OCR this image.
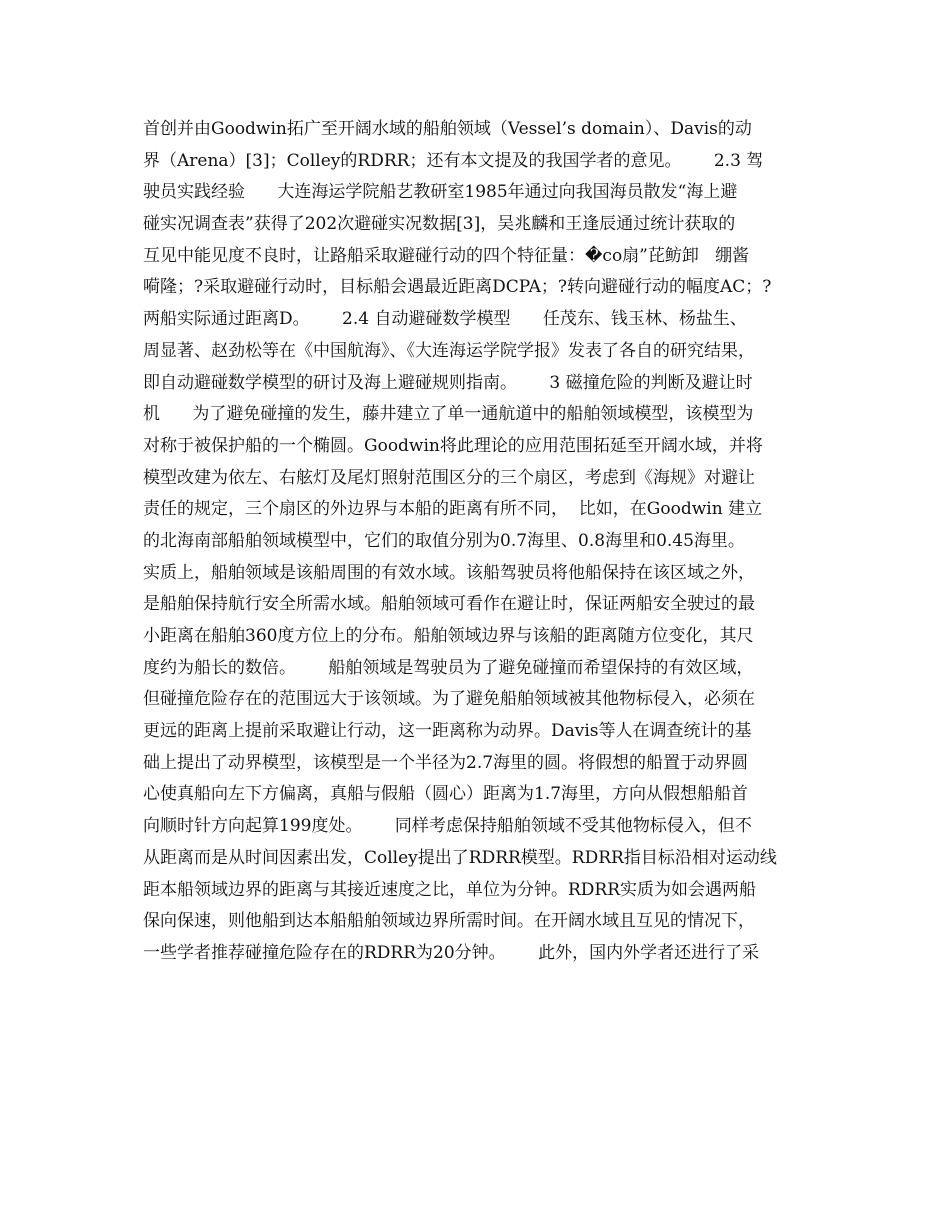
首创并由Goodwin拓广至开阔水域的船舶领域（Vessel’s domain）、Davis的动
界（Arena）[3]；Colley的RDRR；还有本文提及的我国学者的意见。      2.3 驾
驶员实践经验      大连海运学院船艺教研室1985年通过向我国海员散发“海上避
碰实况调查表”获得了202次避碰实况数据[3]，吴兆麟和王逢辰通过统计获取的
互见中能见度不良时，让路船采取避碰行动的四个特征量：�co扇”芘鲂卸   绷酱
嗬隆；?采取避碰行动时，目标船会遇最近距离DCPA；?转向避碰行动的幅度AC；?
两船实际通过距离D。      2.4 自动避碰数学模型      任茂东、钱玉林、杨盐生、
周显著、赵劲松等在《中国航海》、《大连海运学院学报》发表了各自的研究结果，
即自动避碰数学模型的研讨及海上避碰规则指南。      3 磁撞危险的判断及避让时
机      为了避免碰撞的发生，藤井建立了单一通航道中的船舶领域模型，该模型为
对称于被保护船的一个椭圆。Goodwin将此理论的应用范围拓延至开阔水域，并将
模型改建为依左、右舷灯及尾灯照射范围区分的三个扇区，考虑到《海规》对避让
责任的规定，三个扇区的外边界与本船的距离有所不同，  比如，在Goodwin 建立
的北海南部船舶领域模型中，它们的取值分别为0.7海里、0.8海里和0.45海里。
实质上，船舶领域是该船周围的有效水域。该船驾驶员将他船保持在该区域之外，
是船舶保持航行安全所需水域。船舶领域可看作在避让时，保证两船安全驶过的最
小距离在船舶360度方位上的分布。船舶领域边界与该船的距离随方位变化，其尺
度约为船长的数倍。      船舶领域是驾驶员为了避免碰撞而希望保持的有效区域，
但碰撞危险存在的范围远大于该领域。为了避免船舶领域被其他物标侵入，必须在
更远的距离上提前采取避让行动，这一距离称为动界。Davis等人在调查统计的基
础上提出了动界模型，该模型是一个半径为2.7海里的圆。将假想的船置于动界圆
心使真船向左下方偏离，真船与假船（圆心）距离为1.7海里，方向从假想船船首
向顺时针方向起算199度处。      同样考虑保持船舶领域不受其他物标侵入，但不
从距离而是从时间因素出发，Colley提出了RDRR模型。RDRR指目标沿相对运动线
距本船领域边界的距离与其接近速度之比，单位为分钟。RDRR实质为如会遇两船
保向保速，则他船到达本船船舶领域边界所需时间。在开阔水域且互见的情况下，
一些学者推荐碰撞危险存在的RDRR为20分钟。      此外，国内外学者还进行了采
